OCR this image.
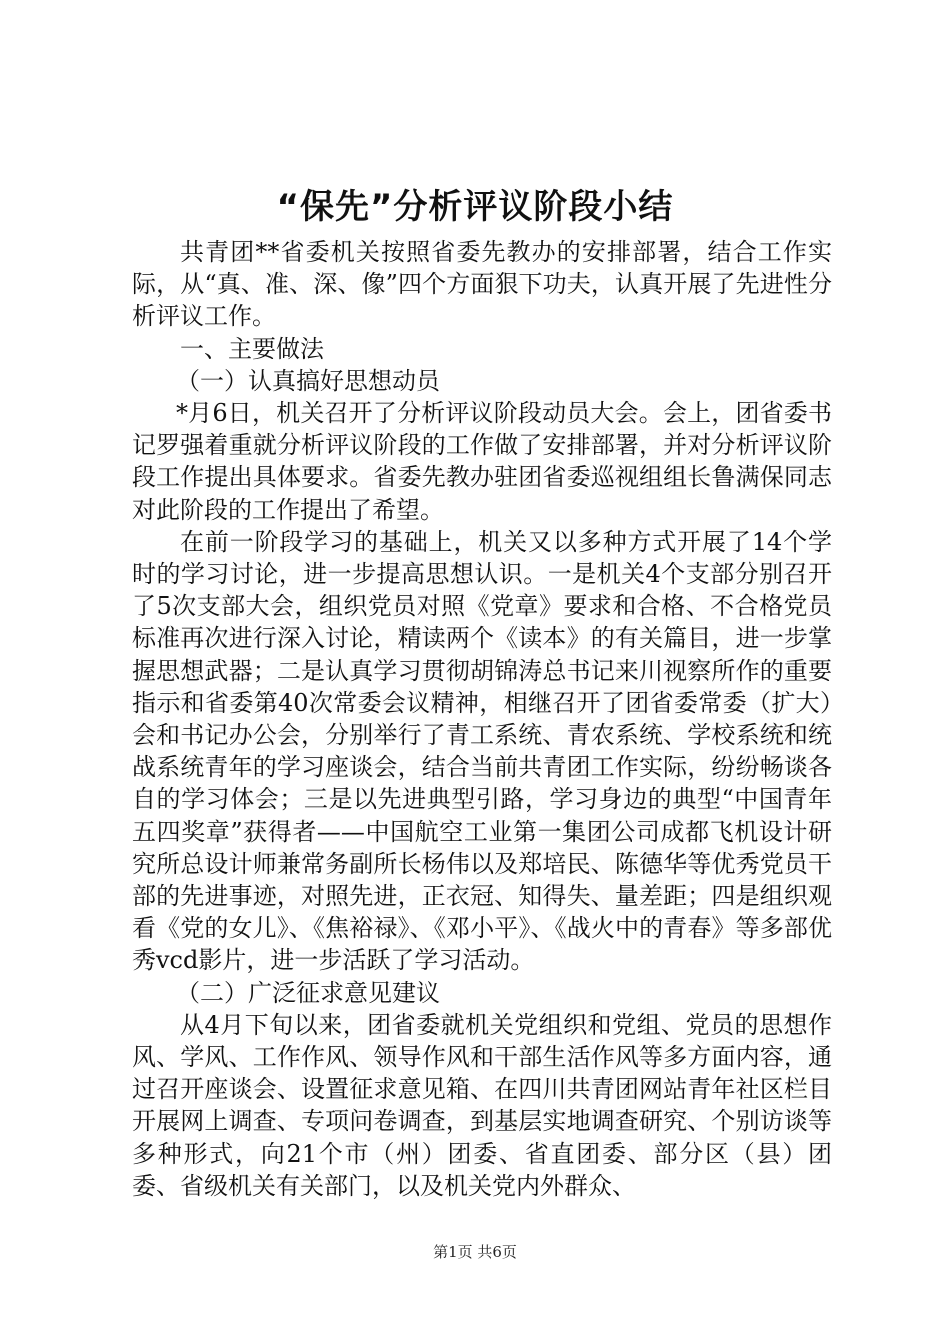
“保先”分析评议阶段小结

共青团**省委机关按照省委先教办的安排部署，结合工作实际，从“真、准、深、像”四个方面狠下功夫，认真开展了先进性分析评议工作。

一、主要做法

（一）认真搞好思想动员

*月6日，机关召开了分析评议阶段动员大会。会上，团省委书记罗强着重就分析评议阶段的工作做了安排部署，并对分析评议阶段工作提出具体要求。省委先教办驻团省委巡视组组长鲁满保同志对此阶段的工作提出了希望。

在前一阶段学习的基础上，机关又以多种方式开展了14个学时的学习讨论，进一步提高思想认识。一是机关4个支部分别召开了5次支部大会，组织党员对照《党章》要求和合格、不合格党员标准再次进行深入讨论，精读两个《读本》的有关篇目，进一步掌握思想武器；二是认真学习贯彻胡锦涛总书记来川视察所作的重要指示和省委第40次常委会议精神，相继召开了团省委常委（扩大）会和书记办公会，分别举行了青工系统、青农系统、学校系统和统战系统青年的学习座谈会，结合当前共青团工作实际，纷纷畅谈各自的学习体会；三是以先进典型引路，学习身边的典型“中国青年五四奖章”获得者——中国航空工业第一集团公司成都飞机设计研究所总设计师兼常务副所长杨伟以及郑培民、陈德华等优秀党员干部的先进事迹，对照先进，正衣冠、知得失、量差距；四是组织观看《党的女儿》、《焦裕禄》、《邓小平》、《战火中的青春》等多部优秀vcd影片，进一步活跃了学习活动。

（二）广泛征求意见建议

从4月下旬以来，团省委就机关党组织和党组、党员的思想作风、学风、工作作风、领导作风和干部生活作风等多方面内容，通过召开座谈会、设置征求意见箱、在四川共青团网站青年社区栏目开展网上调查、专项问卷调查，到基层实地调查研究、个别访谈等多种形式，向21个市（州）团委、省直团委、部分区（县）团委、省级机关有关部门，以及机关党内外群众、

第1页 共6页
